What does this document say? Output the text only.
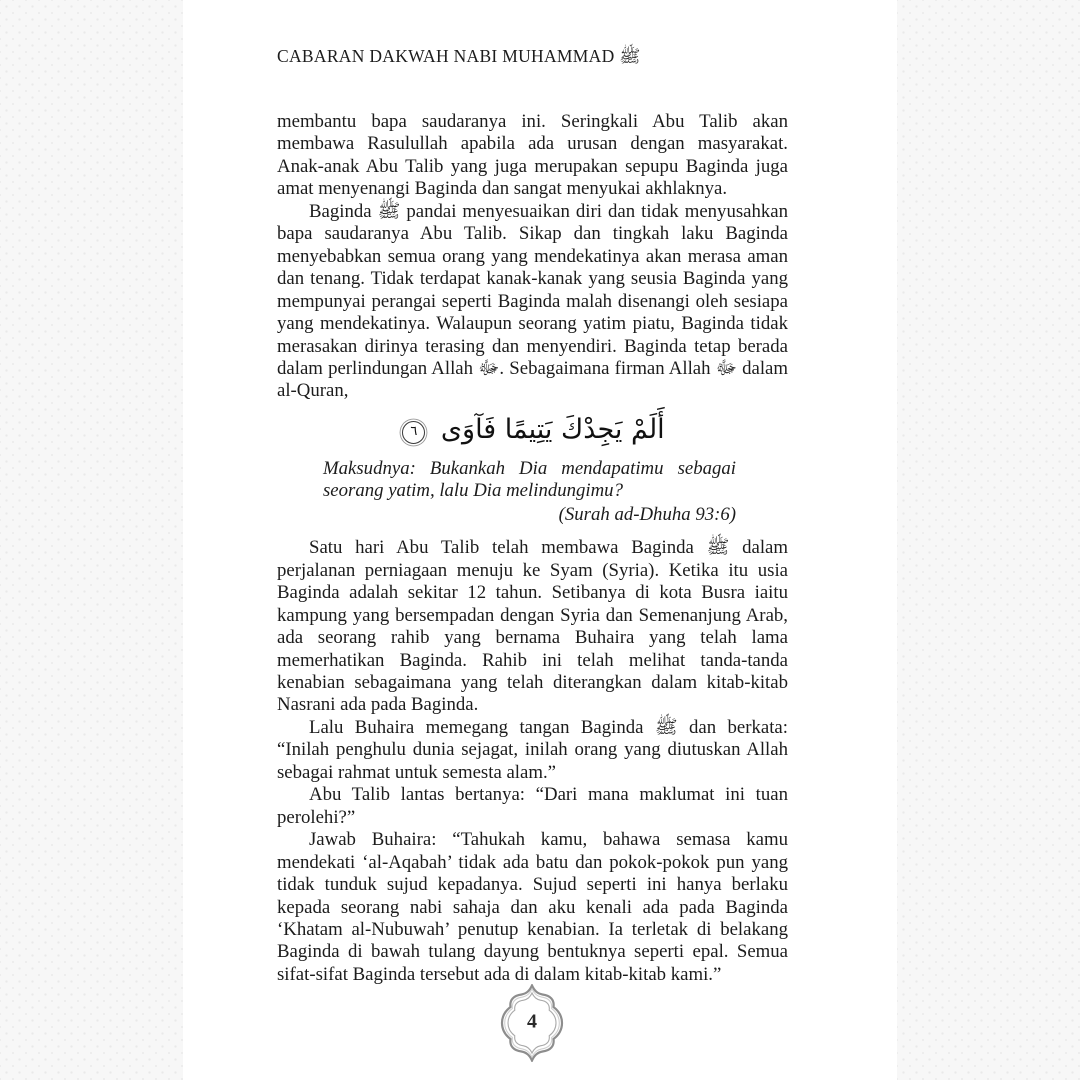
CABARAN DAKWAH NABI MUHAMMAD ﷺ

membantu bapa saudaranya ini. Seringkali Abu Talib akan membawa Rasulullah apabila ada urusan dengan masyarakat. Anak-anak Abu Talib yang juga merupakan sepupu Baginda juga amat menyenangi Baginda dan sangat menyukai akhlaknya.

Baginda ﷺ pandai menyesuaikan diri dan tidak menyusahkan bapa saudaranya Abu Talib. Sikap dan tingkah laku Baginda menyebabkan semua orang yang mendekatinya akan merasa aman dan tenang. Tidak terdapat kanak-kanak yang seusia Baginda yang mempunyai perangai seperti Baginda malah disenangi oleh sesiapa yang mendekatinya. Walaupun seorang yatim piatu, Baginda tidak merasakan dirinya terasing dan menyendiri. Baginda tetap berada dalam perlindungan Allah ﷻ. Sebagaimana firman Allah ﷻ dalam al-Quran,

أَلَمْ يَجِدْكَ يَتِيمًا فَآوَى ٦
Maksudnya: Bukankah Dia mendapatimu sebagai seorang yatim, lalu Dia melindungimu?
(Surah ad-Dhuha 93:6)

Satu hari Abu Talib telah membawa Baginda ﷺ dalam perjalanan perniagaan menuju ke Syam (Syria). Ketika itu usia Baginda adalah sekitar 12 tahun. Setibanya di kota Busra iaitu kampung yang bersempadan dengan Syria dan Semenanjung Arab, ada seorang rahib yang bernama Buhaira yang telah lama memerhatikan Baginda. Rahib ini telah melihat tanda-tanda kenabian sebagaimana yang telah diterangkan dalam kitab-kitab Nasrani ada pada Baginda.

Lalu Buhaira memegang tangan Baginda ﷺ dan berkata: “Inilah penghulu dunia sejagat, inilah orang yang diutuskan Allah sebagai rahmat untuk semesta alam.”

Abu Talib lantas bertanya: “Dari mana maklumat ini tuan perolehi?”

Jawab Buhaira: “Tahukah kamu, bahawa semasa kamu mendekati ‘al-Aqabah’ tidak ada batu dan pokok-pokok pun yang tidak tunduk sujud kepadanya. Sujud seperti ini hanya berlaku kepada seorang nabi sahaja dan aku kenali ada pada Baginda ‘Khatam al-Nubuwah’ penutup kenabian. Ia terletak di belakang Baginda di bawah tulang dayung bentuknya seperti epal. Semua sifat-sifat Baginda tersebut ada di dalam kitab-kitab kami.”

4
